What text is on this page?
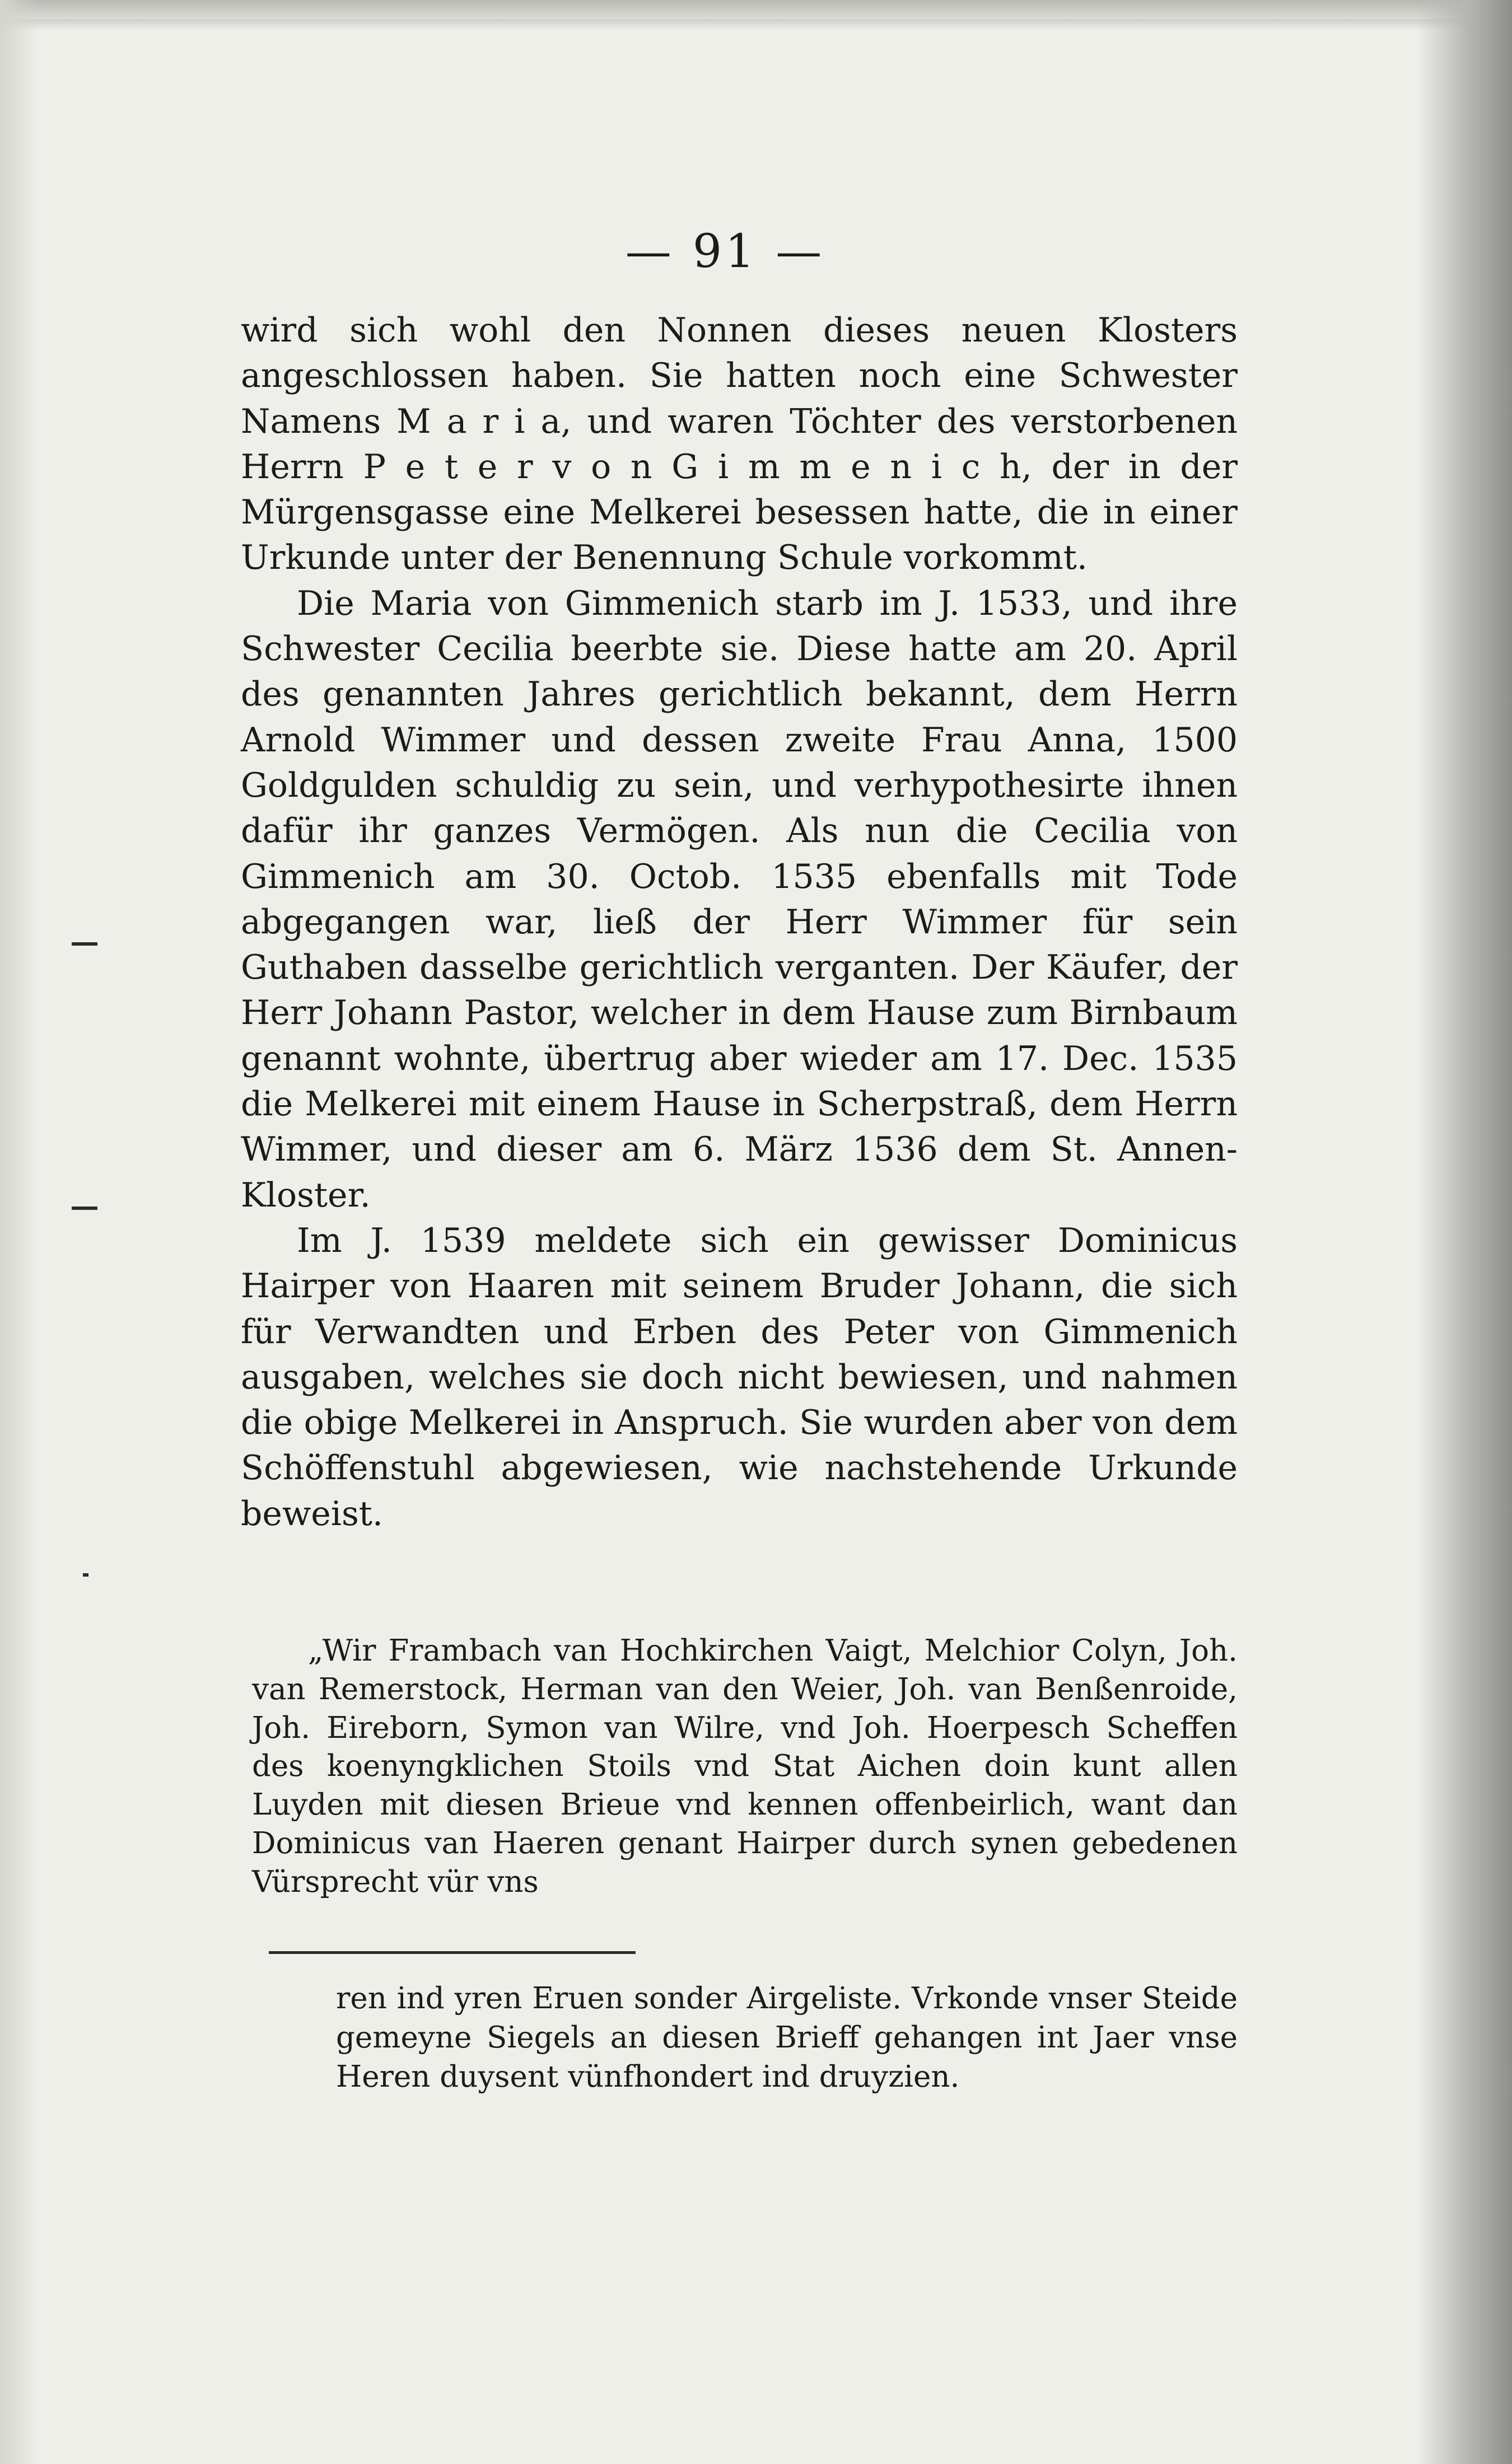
— 91 —

wird sich wohl den Nonnen dieses neuen Klosters angeschlossen haben. Sie hatten noch eine Schwester Namens M a r i a, und waren Töchter des verstorbenen Herrn P e t e r v o n G i m m e n i c h, der in der Mürgensgasse eine Melkerei besessen hatte, die in einer Urkunde unter der Benennung Schule vorkommt.

Die Maria von Gimmenich starb im J. 1533, und ihre Schwester Cecilia beerbte sie. Diese hatte am 20. April des genannten Jahres gerichtlich bekannt, dem Herrn Arnold Wimmer und dessen zweite Frau Anna, 1500 Goldgulden schuldig zu sein, und verhypothesirte ihnen dafür ihr ganzes Vermögen. Als nun die Cecilia von Gimmenich am 30. Octob. 1535 ebenfalls mit Tode abgegangen war, ließ der Herr Wimmer für sein Guthaben dasselbe gerichtlich verganten. Der Käufer, der Herr Johann Pastor, welcher in dem Hause zum Birnbaum genannt wohnte, übertrug aber wieder am 17. Dec. 1535 die Melkerei mit einem Hause in Scherpstraß, dem Herrn Wimmer, und dieser am 6. März 1536 dem St. Annen-Kloster.

Im J. 1539 meldete sich ein gewisser Dominicus Hairper von Haaren mit seinem Bruder Johann, die sich für Verwandten und Erben des Peter von Gimmenich ausgaben, welches sie doch nicht bewiesen, und nahmen die obige Melkerei in Anspruch. Sie wurden aber von dem Schöffenstuhl abgewiesen, wie nachstehende Urkunde beweist.

„Wir Frambach van Hochkirchen Vaigt, Melchior Colyn, Joh. van Remerstock, Herman van den Weier, Joh. van Benßenroide, Joh. Eireborn, Symon van Wilre, vnd Joh. Hoerpesch Scheffen des koenyngklichen Stoils vnd Stat Aichen doin kunt allen Luyden mit diesen Brieue vnd kennen offenbeirlich, want dan Dominicus van Haeren genant Hairper durch synen gebedenen Vürsprecht vür vns

ren ind yren Eruen sonder Airgeliste. Vrkonde vnser Steide gemeyne Siegels an diesen Brieff gehangen int Jaer vnse Heren duysent vünfhondert ind druyzien.
